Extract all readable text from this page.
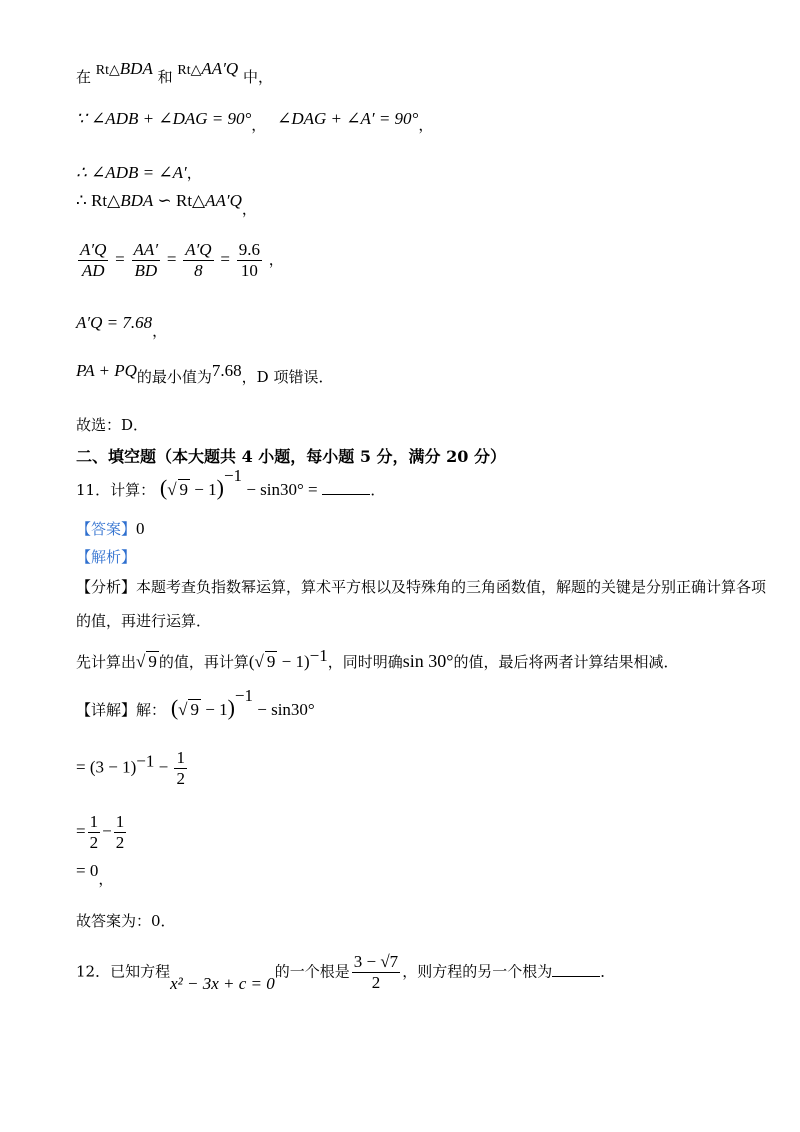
在 Rt△BDA 和 Rt△AA′Q 中，
∵ ∠ADB + ∠DAG = 90°， ∠DAG + ∠A′ = 90°，
∴ ∠ADB = ∠A′，
∴ Rt△BDA ∽ Rt△AA′Q，
$\frac{A'Q}{AD} = \frac{AA'}{BD} = \frac{A'Q}{8} = \frac{9.6}{10}$ ，
A′Q = 7.68，
PA + PQ的最小值为7.68，D 项错误．
故选：D．
二、填空题（本大题共 4 小题，每小题 5 分，满分 20 分）
11．计算： (√ 9 − 1)$^{-1}$ − sin30° =	．
【答案】0
【解析】
【分析】本题考查负指数幂运算，算术平方根以及特殊角的三角函数值，解题的关键是分别正确计算各项
的值，再进行运算．
先计算出√ 9 的值，再计算(√ 9 − 1)$^{-1}$，同时明确sin 30°的值，最后将两者计算结果相减．
【详解】解： (√ 9 − 1)$^{-1}$ − sin30°
= $(3 - 1)^{-1} - \frac{1}{2}$
= $\frac{1}{2} - \frac{1}{2}$
= 0，
故答案为：0．
12．已知方程x² − 3x + c = 0的一个根是 $\frac{3 - √7}{2}$ ，则方程的另一个根为	．
